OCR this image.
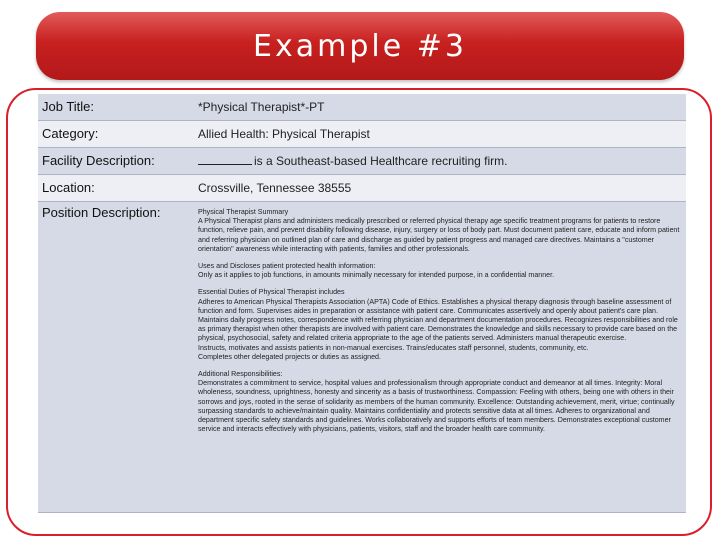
Example #3
Job Title:	*Physical Therapist*-PT
Category:	Allied Health: Physical Therapist
Facility Description:	is a Southeast-based Healthcare recruiting firm.
Location:	Crossville, Tennessee 38555
Position Description:	Physical Therapist Summary
A Physical Therapist plans and administers medically prescribed or referred physical therapy age specific treatment programs for patients to restore function, relieve pain, and prevent disability following disease, injury, surgery or loss of body part. Must document patient care, educate and inform patient and referring physician on outlined plan of care and discharge as guided by patient progress and managed care directives. Maintains a "customer orientation" awareness while interacting with patients, families and other professionals.

Uses and Discloses patient protected health information:
Only as it applies to job functions, in amounts minimally necessary for intended purpose, in a confidential manner.

Essential Duties of Physical Therapist includes
Adheres to American Physical Therapists Association (APTA) Code of Ethics. Establishes a physical therapy diagnosis through baseline assessment of function and form. Supervises aides in preparation or assistance with patient care. Communicates assertively and openly about patient's care plan. Maintains daily progress notes, correspondence with referring physician and department documentation procedures. Recognizes responsibilities and role as primary therapist when other therapists are involved with patient care. Demonstrates the knowledge and skills necessary to provide care based on the physical, psychosocial, safety and related criteria appropriate to the age of the patients served. Administers manual therapeutic exercise.
Instructs, motivates and assists patients in non-manual exercises. Trains/educates staff personnel, students, community, etc.
Completes other delegated projects or duties as assigned.

Additional Responsibilities:
Demonstrates a commitment to service, hospital values and professionalism through appropriate conduct and demeanor at all times. Integrity: Moral wholeness, soundness, uprightness, honesty and sincerity as a basis of trustworthiness. Compassion: Feeling with others, being one with others in their sorrows and joys, rooted in the sense of solidarity as members of the human community. Excellence: Outstanding achievement, merit, virtue; continually surpassing standards to achieve/maintain quality. Maintains confidentiality and protects sensitive data at all times. Adheres to organizational and department specific safety standards and guidelines. Works collaboratively and supports efforts of team members. Demonstrates exceptional customer service and interacts effectively with physicians, patients, visitors, staff and the broader health care community.
